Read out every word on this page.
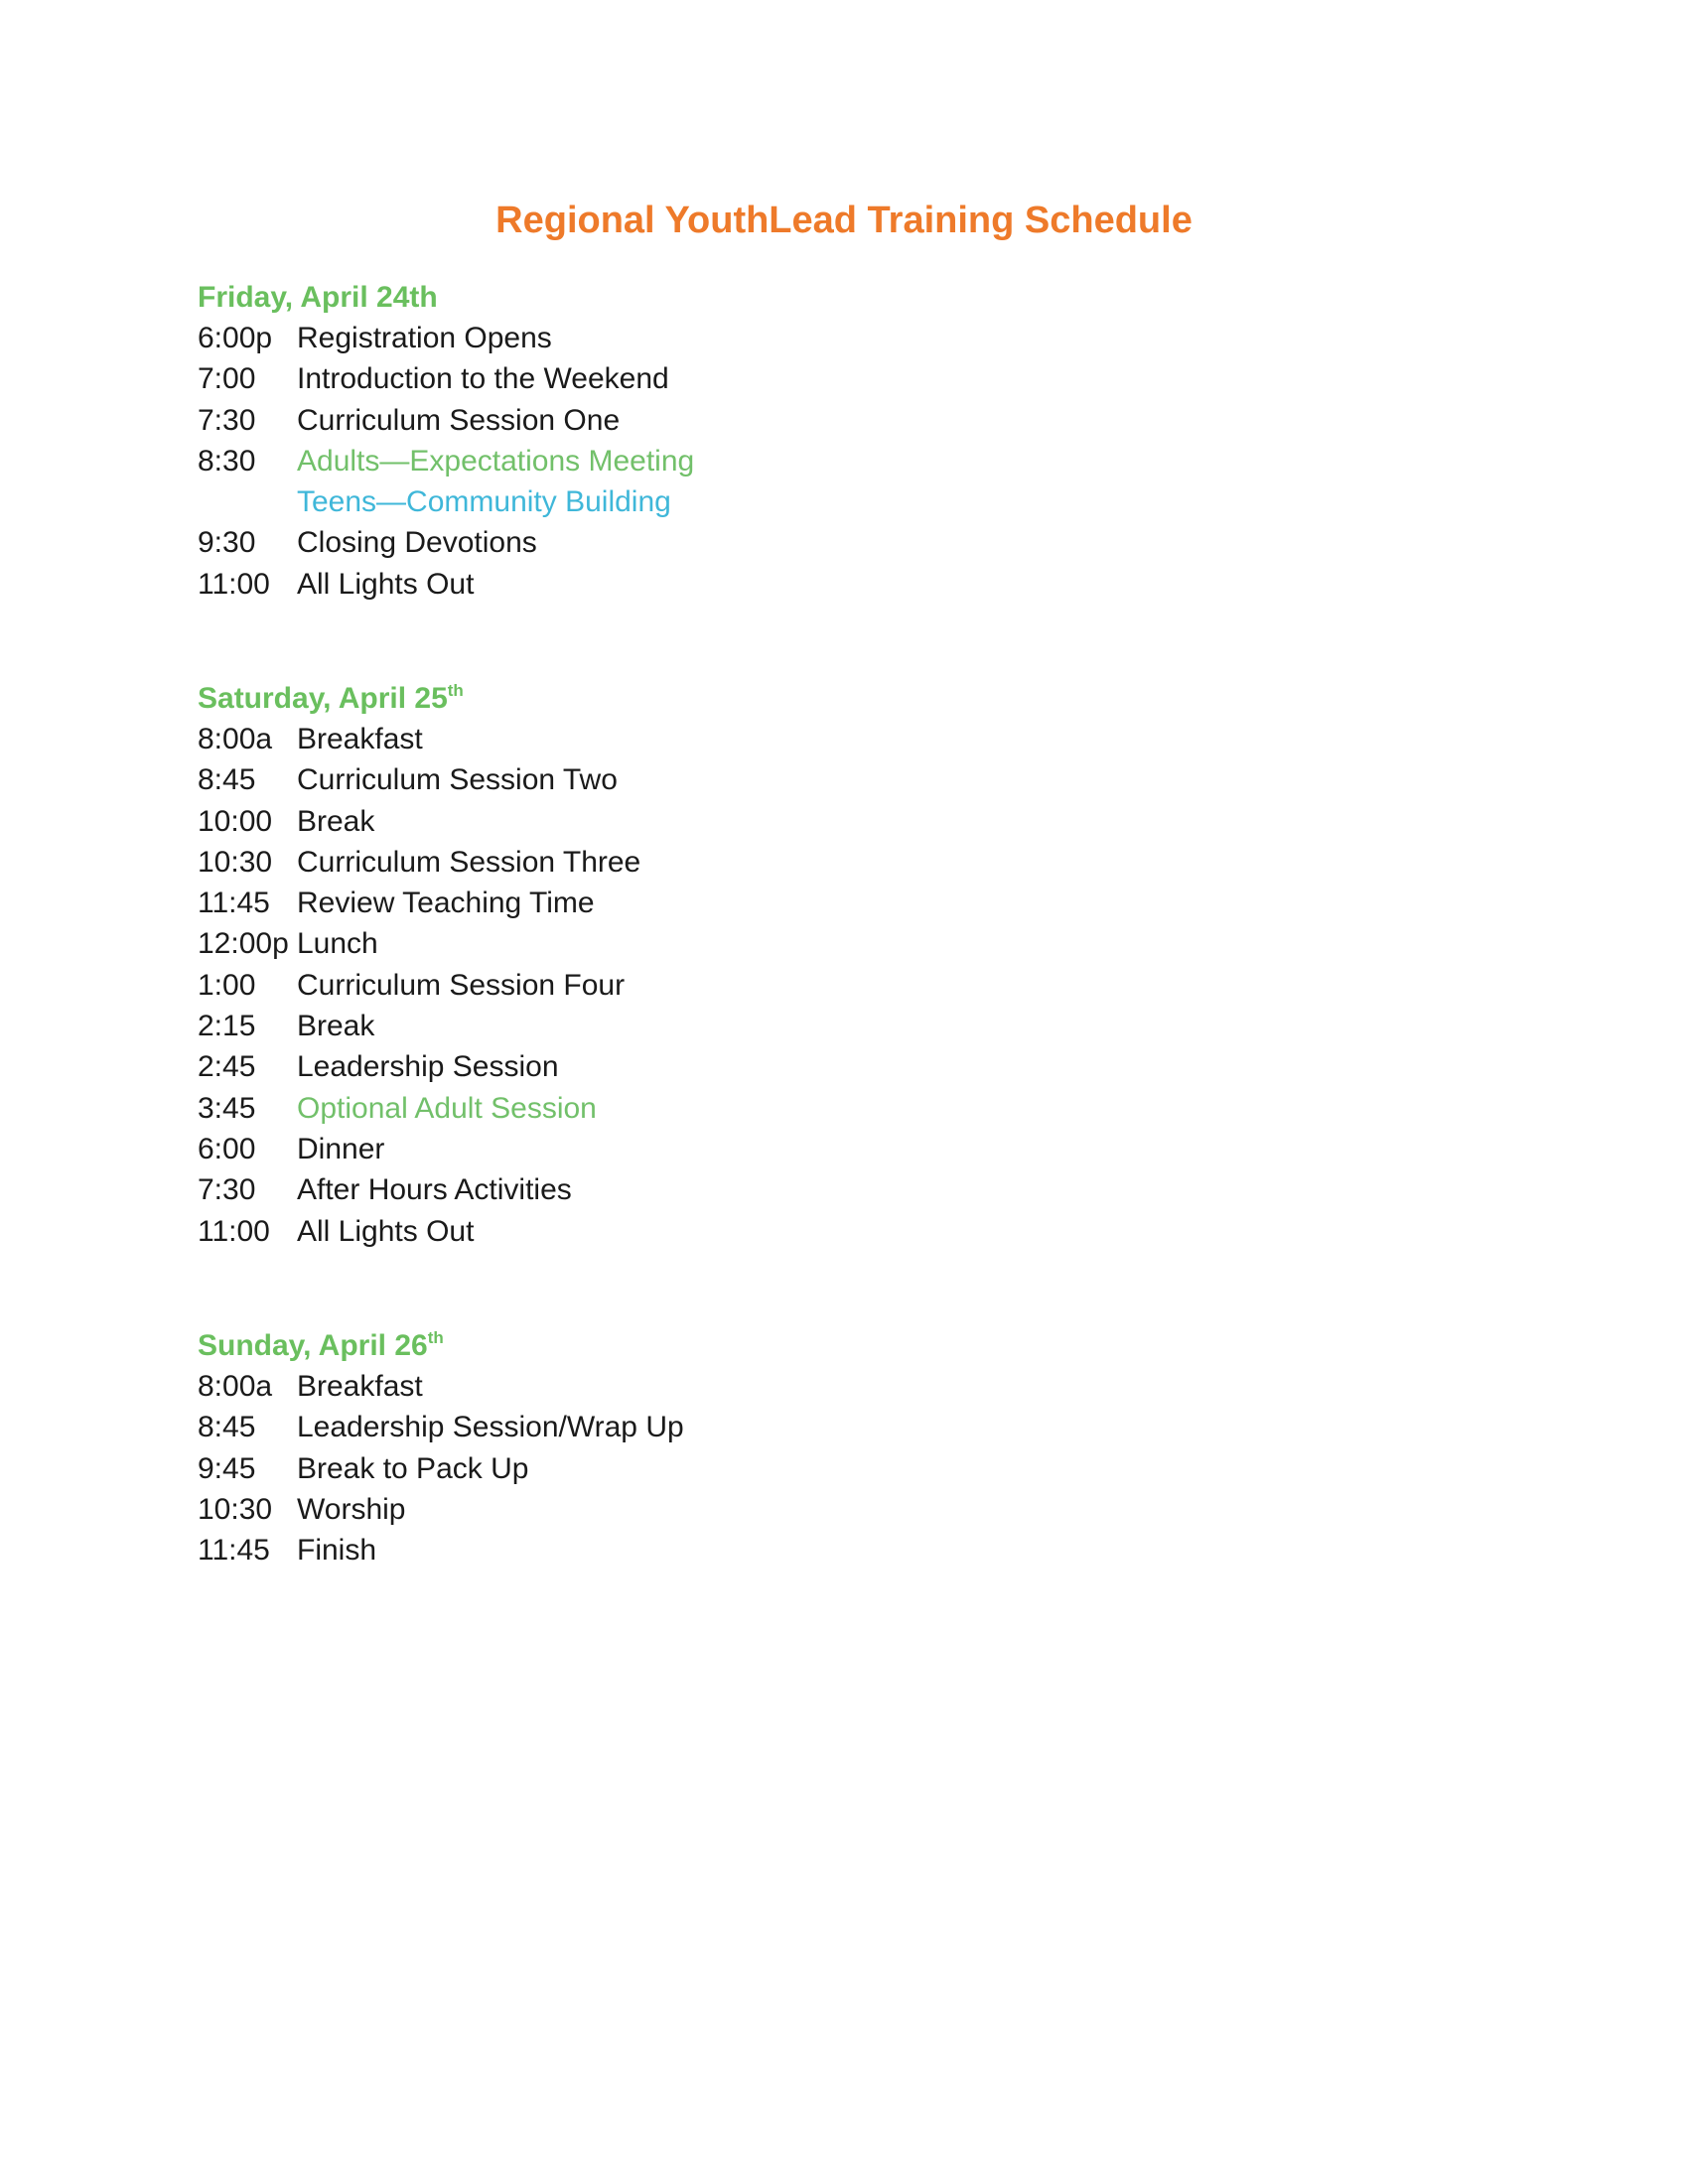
Regional YouthLead Training Schedule
Friday, April 24th
6:00p Registration Opens
7:00	Introduction to the Weekend
7:30	Curriculum Session One
8:30	Adults—Expectations Meeting
Teens—Community Building
9:30	Closing Devotions
11:00 All Lights Out
Saturday, April 25th
8:00a Breakfast
8:45	Curriculum Session Two
10:00 Break
10:30 Curriculum Session Three
11:45 Review Teaching Time
12:00p Lunch
1:00	Curriculum Session Four
2:15	Break
2:45	Leadership Session
3:45	Optional Adult Session
6:00	Dinner
7:30	After Hours Activities
11:00 All Lights Out
Sunday, April 26th
8:00a Breakfast
8:45	Leadership Session/Wrap Up
9:45	Break to Pack Up
10:30 Worship
11:45 Finish
